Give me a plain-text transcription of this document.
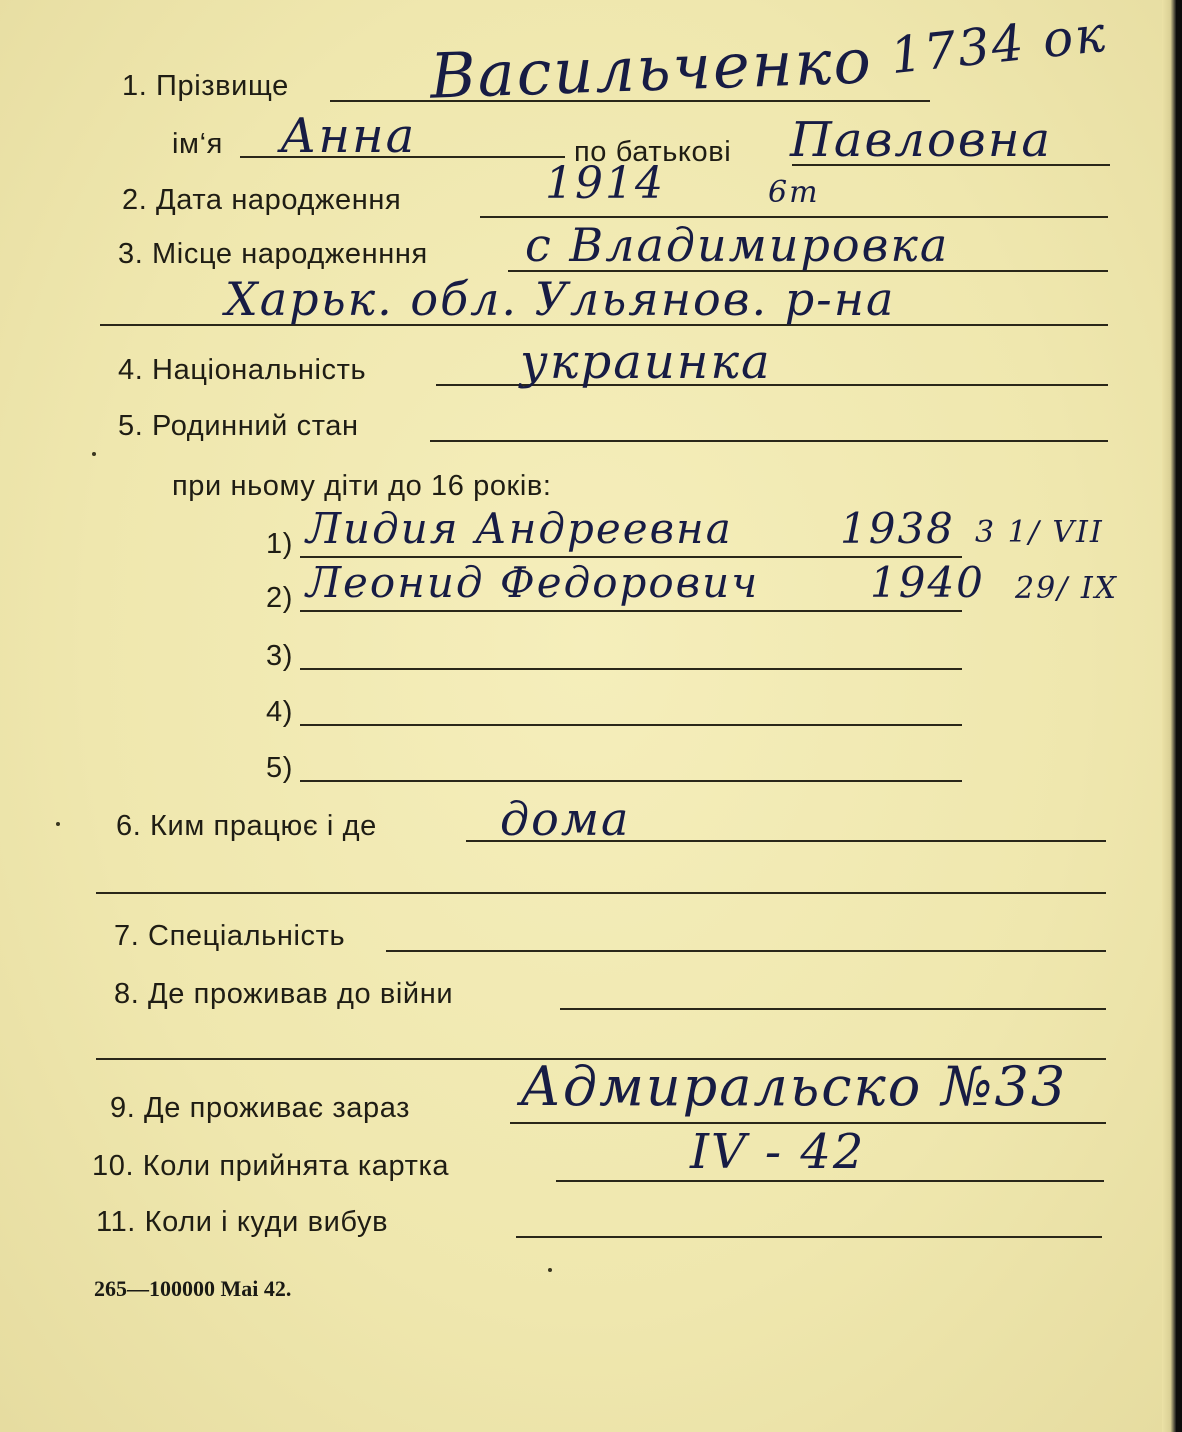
1734 ок
1. Прізвище Васильченко
ім‘я Анна	по батькові Павловна
2. Дата народження	1914	6т
3. Місце народженння с Владимировка
Харьк. обл. Ульянов. р-на
4. Національність	украинка
5. Родинний стан
при ньому діти до 16 років:
1) Лидия Андреевна	1938 3 1/ VII
2) Леонид Федорович	1940 29/ IX
3)
4)
5)
6. Ким працює і де	дома
7. Спеціальність
8. Де проживав до війни
9. Де проживає зараз Адмиральско №33
10. Коли прийнята картка	IV - 42
11. Коли і куди вибув
265—100000 Mai 42.
